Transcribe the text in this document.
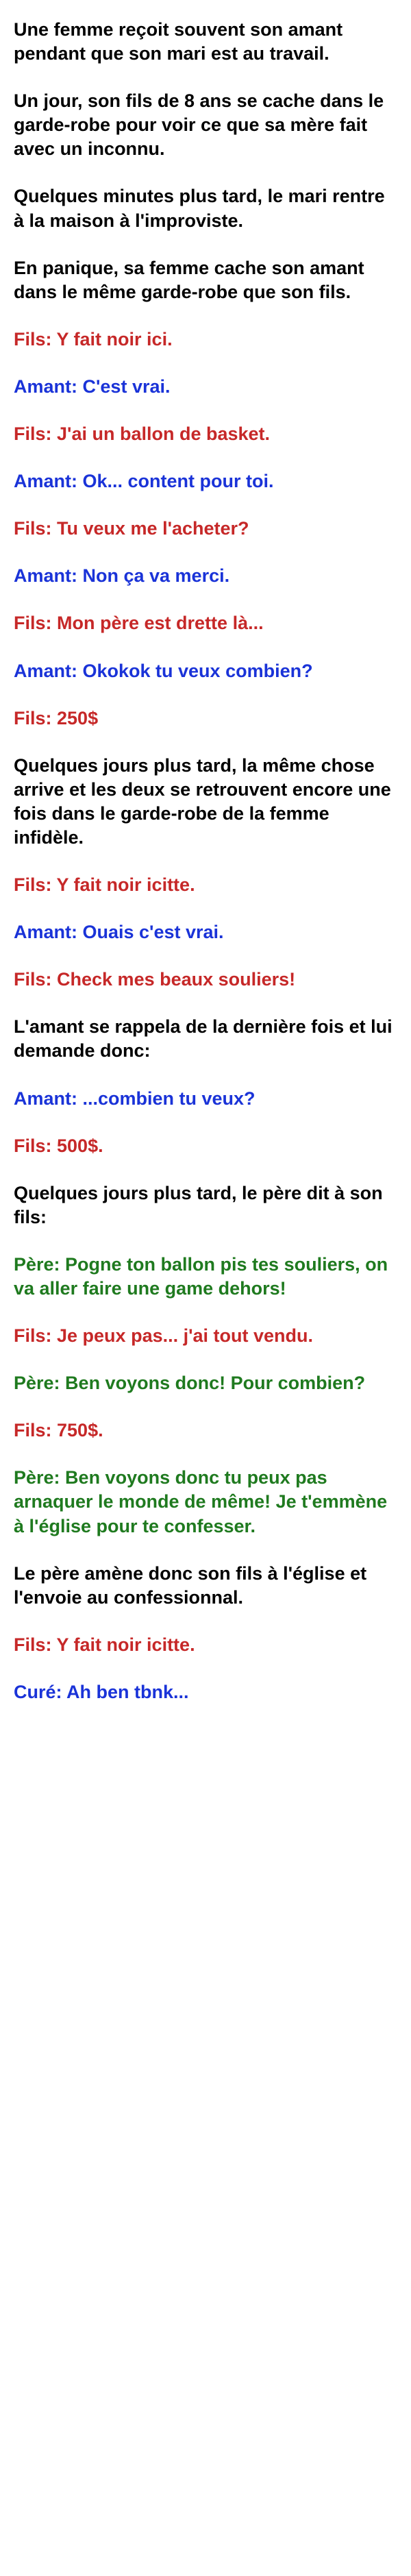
Une femme reçoit souvent son amant pendant que son mari est au travail.

Un jour, son fils de 8 ans se cache dans le garde-robe pour voir ce que sa mère fait avec un inconnu.

Quelques minutes plus tard, le mari rentre à la maison à l'improviste.

En panique, sa femme cache son amant dans le même garde-robe que son fils.

Fils: Y fait noir ici.

Amant: C'est vrai.

Fils: J'ai un ballon de basket.

Amant: Ok... content pour toi.

Fils: Tu veux me l'acheter?

Amant: Non ça va merci.

Fils: Mon père est drette là...

Amant: Okokok tu veux combien?

Fils: 250$

Quelques jours plus tard, la même chose arrive et les deux se retrouvent encore une fois dans le garde-robe de la femme infidèle.

Fils: Y fait noir icitte.

Amant: Ouais c'est vrai.

Fils: Check mes beaux souliers!

L'amant se rappela de la dernière fois et lui demande donc:

Amant: ...combien tu veux?

Fils: 500$.

Quelques jours plus tard, le père dit à son fils:

Père: Pogne ton ballon pis tes souliers, on va aller faire une game dehors!

Fils: Je peux pas... j'ai tout vendu.

Père: Ben voyons donc! Pour combien?

Fils: 750$.

Père: Ben voyons donc tu peux pas arnaquer le monde de même! Je t'emmène à l'église pour te confesser.

Le père amène donc son fils à l'église et l'envoie au confessionnal.

Fils: Y fait noir icitte.

Curé: Ah ben tbnk...
